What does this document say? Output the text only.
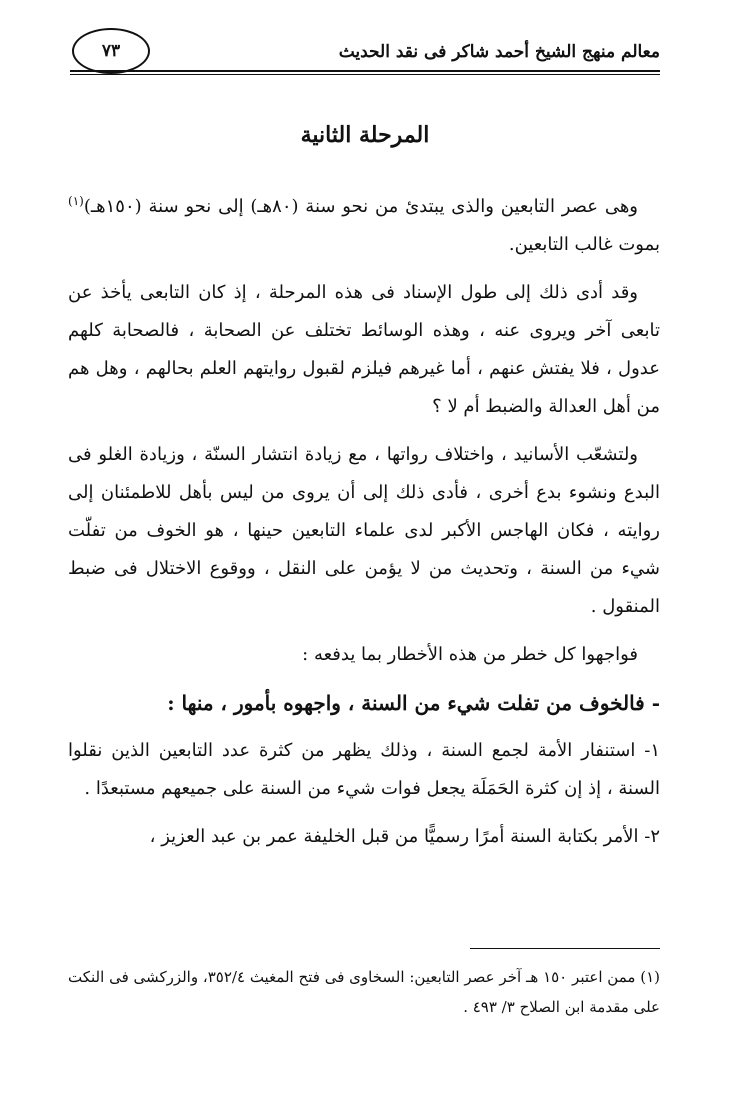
معالم منهج الشيخ أحمد شاكر فى نقد الحديث
٧٣
المرحلة الثانية

وهى عصر التابعين والذى يبتدئ من نحو سنة (٨٠هـ) إلى نحو سنة (١٥٠هـ)$^{(١)}$ بموت غالب التابعين.

وقد أدى ذلك إلى طول الإسناد فى هذه المرحلة ، إذ كان التابعى يأخذ عن تابعى آخر ويروى عنه ، وهذه الوسائط تختلف عن الصحابة ، فالصحابة كلهم عدول ، فلا يفتش عنهم ، أما غيرهم فيلزم لقبول روايتهم العلم بحالهم ، وهل هم من أهل العدالة والضبط أم لا ؟

ولتشعّب الأسانيد ، واختلاف رواتها ، مع زيادة انتشار السنّة ، وزيادة الغلو فى البدع ونشوء بدع أخرى ، فأدى ذلك إلى أن يروى من ليس بأهل للاطمئنان إلى روايته ، فكان الهاجس الأكبر لدى علماء التابعين حينها ، هو الخوف من تفلّت شيء من السنة ، وتحديث من لا يؤمن على النقل ، ووقوع الاختلال فى ضبط المنقول .

فواجهوا كل خطر من هذه الأخطار بما يدفعه :

- فالخوف من تفلت شيء من السنة ، واجهوه بأمور ، منها :

١- استنفار الأمة لجمع السنة ، وذلك يظهر من كثرة عدد التابعين الذين نقلوا السنة ، إذ إن كثرة الحَمَلَة يجعل فوات شيء من السنة على جميعهم مستبعدًا .

٢- الأمر بكتابة السنة أمرًا رسميًّا من قبل الخليفة عمر بن عبد العزيز ،

(١) ممن اعتبر ١٥٠ هـ آخر عصر التابعين: السخاوى فى فتح المغيث ٣٥٢/٤، والزركشى فى النكت على مقدمة ابن الصلاح ٣/ ٤٩٣ .
